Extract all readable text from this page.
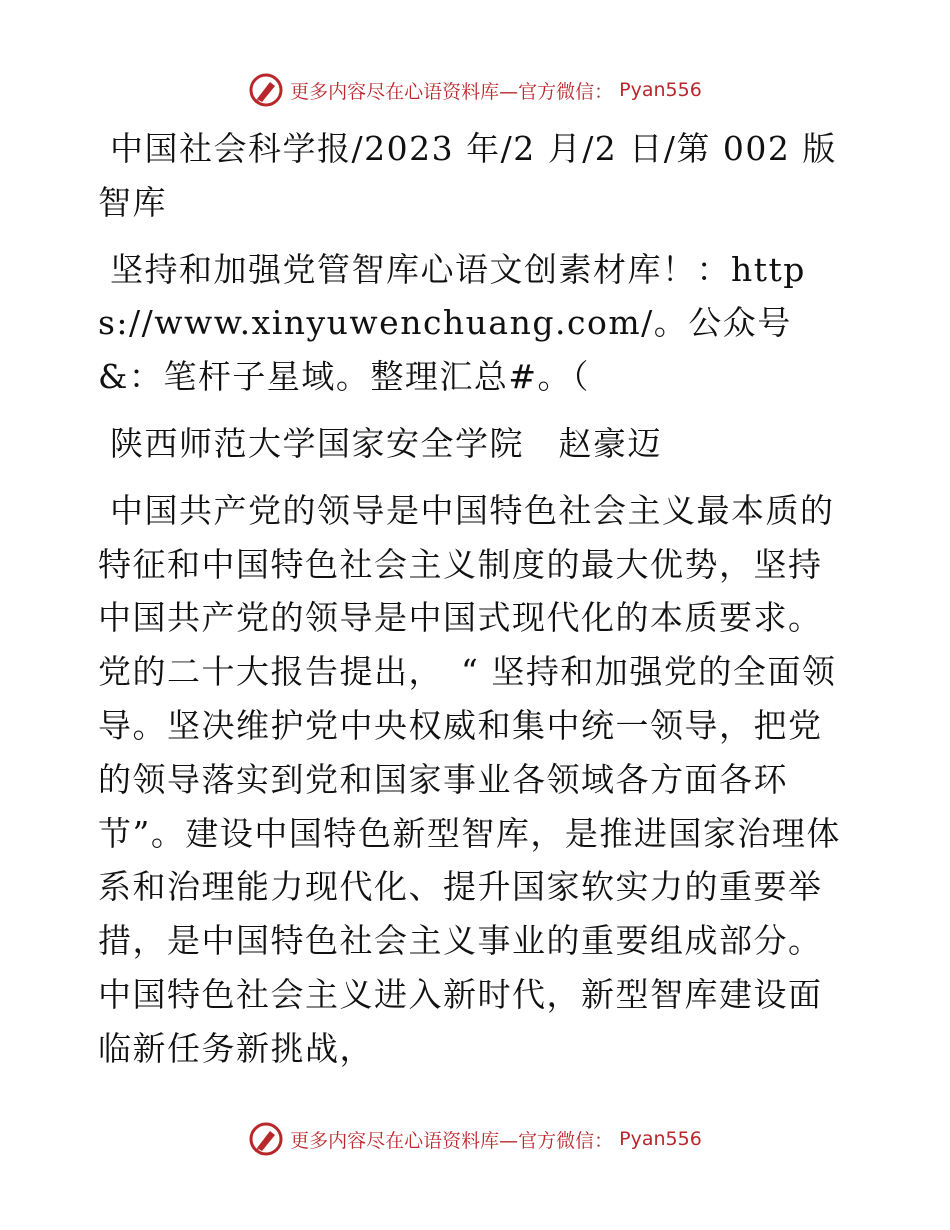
更多内容尽在心语资料库—官方微信： Pyan556

中国社会科学报/2023 年/2 月/2 日/第 002 版

智库

坚持和加强党管智库心语文创素材库！：https://www.xinyuwenchuang.com/。公众号&：笔杆子星域。整理汇总#。（

陕西师范大学国家安全学院　赵豪迈

中国共产党的领导是中国特色社会主义最本质的特征和中国特色社会主义制度的最大优势，坚持中国共产党的领导是中国式现代化的本质要求。党的二十大报告提出，　“ 坚持和加强党的全面领导。坚决维护党中央权威和集中统一领导，把党的领导落实到党和国家事业各领域各方面各环节”。建设中国特色新型智库，是推进国家治理体系和治理能力现代化、提升国家软实力的重要举措，是中国特色社会主义事业的重要组成部分。中国特色社会主义进入新时代，新型智库建设面临新任务新挑战，

更多内容尽在心语资料库—官方微信： Pyan556
